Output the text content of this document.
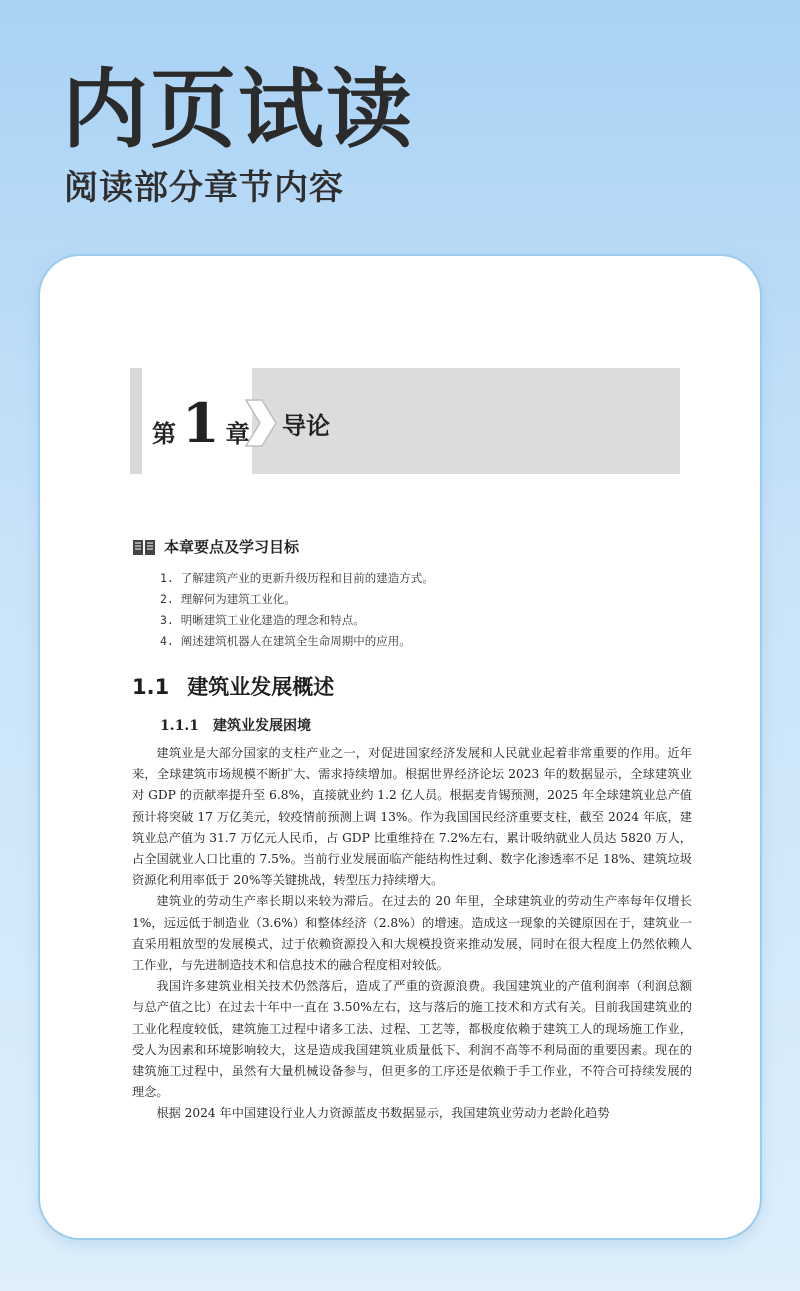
内页试读
阅读部分章节内容
导论
第 1 章
本章要点及学习目标
1. 了解建筑产业的更新升级历程和目前的建造方式。
2. 理解何为建筑工业化。
3. 明晰建筑工业化建造的理念和特点。
4. 阐述建筑机器人在建筑全生命周期中的应用。
1.1 建筑业发展概述
1.1.1 建筑业发展困境

建筑业是大部分国家的支柱产业之一，对促进国家经济发展和人民就业起着非常重要的作用。近年来，全球建筑市场规模不断扩大、需求持续增加。根据世界经济论坛 2023 年的数据显示，全球建筑业对 GDP 的贡献率提升至 6.8%，直接就业约 1.2 亿人员。根据麦肯锡预测，2025 年全球建筑业总产值预计将突破 17 万亿美元，较疫情前预测上调 13%。作为我国国民经济重要支柱，截至 2024 年底，建筑业总产值为 31.7 万亿元人民币，占 GDP 比重维持在 7.2%左右，累计吸纳就业人员达 5820 万人，占全国就业人口比重的 7.5%。当前行业发展面临产能结构性过剩、数字化渗透率不足 18%、建筑垃圾资源化利用率低于 20%等关键挑战，转型压力持续增大。

建筑业的劳动生产率长期以来较为滞后。在过去的 20 年里，全球建筑业的劳动生产率每年仅增长 1%，远远低于制造业（3.6%）和整体经济（2.8%）的增速。造成这一现象的关键原因在于，建筑业一直采用粗放型的发展模式，过于依赖资源投入和大规模投资来推动发展，同时在很大程度上仍然依赖人工作业，与先进制造技术和信息技术的融合程度相对较低。

我国许多建筑业相关技术仍然落后，造成了严重的资源浪费。我国建筑业的产值利润率（利润总额与总产值之比）在过去十年中一直在 3.50%左右，这与落后的施工技术和方式有关。目前我国建筑业的工业化程度较低，建筑施工过程中诸多工法、过程、工艺等，都极度依赖于建筑工人的现场施工作业，受人为因素和环境影响较大，这是造成我国建筑业质量低下、利润不高等不利局面的重要因素。现在的建筑施工过程中，虽然有大量机械设备参与，但更多的工序还是依赖于手工作业，不符合可持续发展的理念。

根据 2024 年中国建设行业人力资源蓝皮书数据显示，我国建筑业劳动力老龄化趋势
